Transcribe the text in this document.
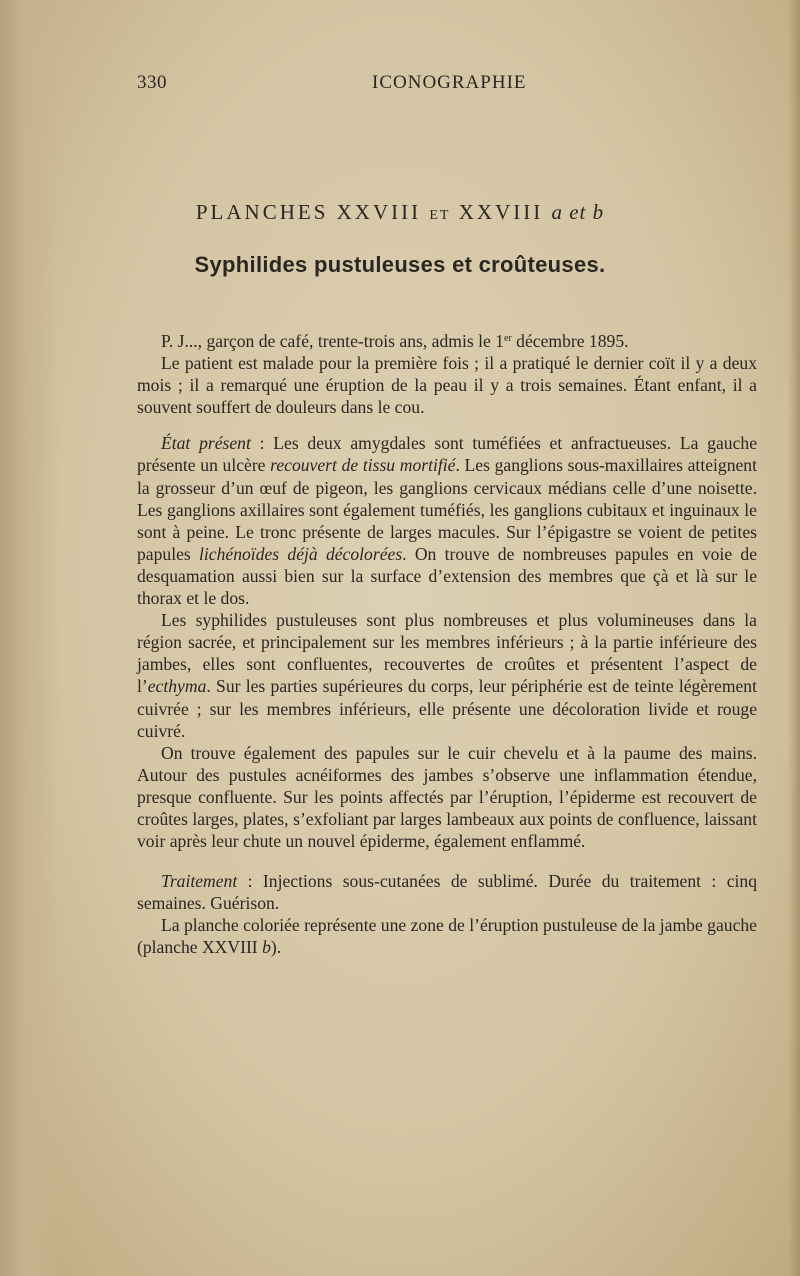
330	ICONOGRAPHIE
PLANCHES XXVIII ET XXVIII a et b
Syphilides pustuleuses et croûteuses.

P. J..., garçon de café, trente-trois ans, admis le 1er décembre 1895.

Le patient est malade pour la première fois ; il a pratiqué le dernier coït il y a deux mois ; il a remarqué une éruption de la peau il y a trois semaines. Étant enfant, il a souvent souffert de douleurs dans le cou.

État présent : Les deux amygdales sont tuméfiées et anfractueuses. La gauche présente un ulcère recouvert de tissu mortifié. Les ganglions sous-maxillaires atteignent la grosseur d’un œuf de pigeon, les ganglions cervicaux médians celle d’une noisette. Les ganglions axillaires sont également tuméfiés, les ganglions cubitaux et inguinaux le sont à peine. Le tronc présente de larges macules. Sur l’épigastre se voient de petites papules lichénoïdes déjà décolorées. On trouve de nombreuses papules en voie de desquamation aussi bien sur la surface d’extension des membres que çà et là sur le thorax et le dos.

Les syphilides pustuleuses sont plus nombreuses et plus volumineuses dans la région sacrée, et principalement sur les membres inférieurs ; à la partie inférieure des jambes, elles sont confluentes, recouvertes de croûtes et présentent l’aspect de l’ecthyma. Sur les parties supérieures du corps, leur périphérie est de teinte légèrement cuivrée ; sur les membres inférieurs, elle présente une décoloration livide et rouge cuivré.

On trouve également des papules sur le cuir chevelu et à la paume des mains. Autour des pustules acnéiformes des jambes s’observe une inflammation étendue, presque confluente. Sur les points affectés par l’éruption, l’épiderme est recouvert de croûtes larges, plates, s’exfoliant par larges lambeaux aux points de confluence, laissant voir après leur chute un nouvel épiderme, également enflammé.

Traitement : Injections sous-cutanées de sublimé. Durée du traitement : cinq semaines. Guérison.

La planche coloriée représente une zone de l’éruption pustuleuse de la jambe gauche (planche XXVIII b).
